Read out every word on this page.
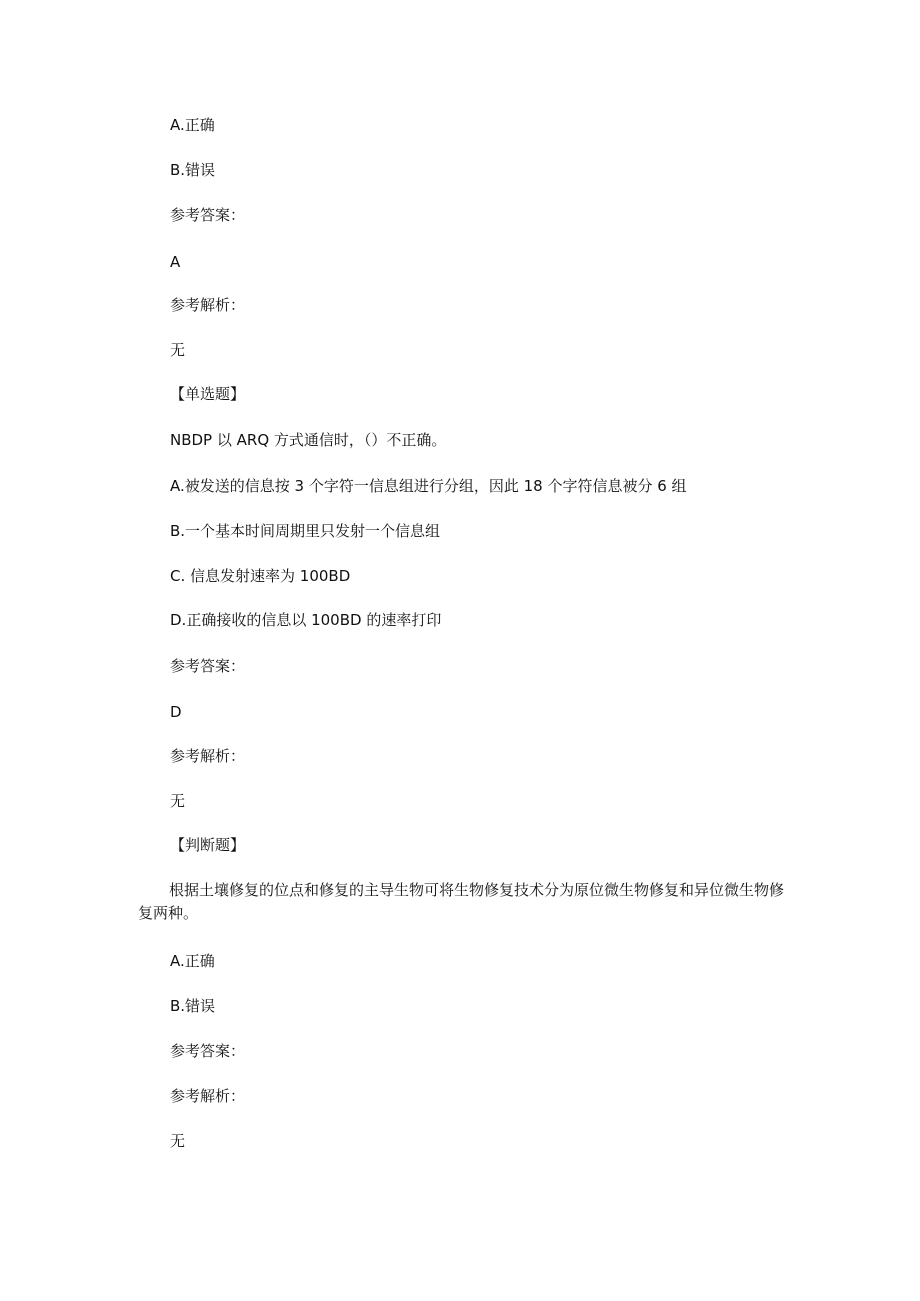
A.正确
B.错误
参考答案：
A
参考解析：
无
【单选题】
NBDP 以 ARQ 方式通信时，（）不正确。
A.被发送的信息按 3 个字符一信息组进行分组，因此 18 个字符信息被分 6 组
B.一个基本时间周期里只发射一个信息组
C. 信息发射速率为 100BD
D.正确接收的信息以 100BD 的速率打印
参考答案：
D
参考解析：
无
【判断题】
根据土壤修复的位点和修复的主导生物可将生物修复技术分为原位微生物修复和异位微生物修复两种。
A.正确
B.错误
参考答案：
参考解析：
无
